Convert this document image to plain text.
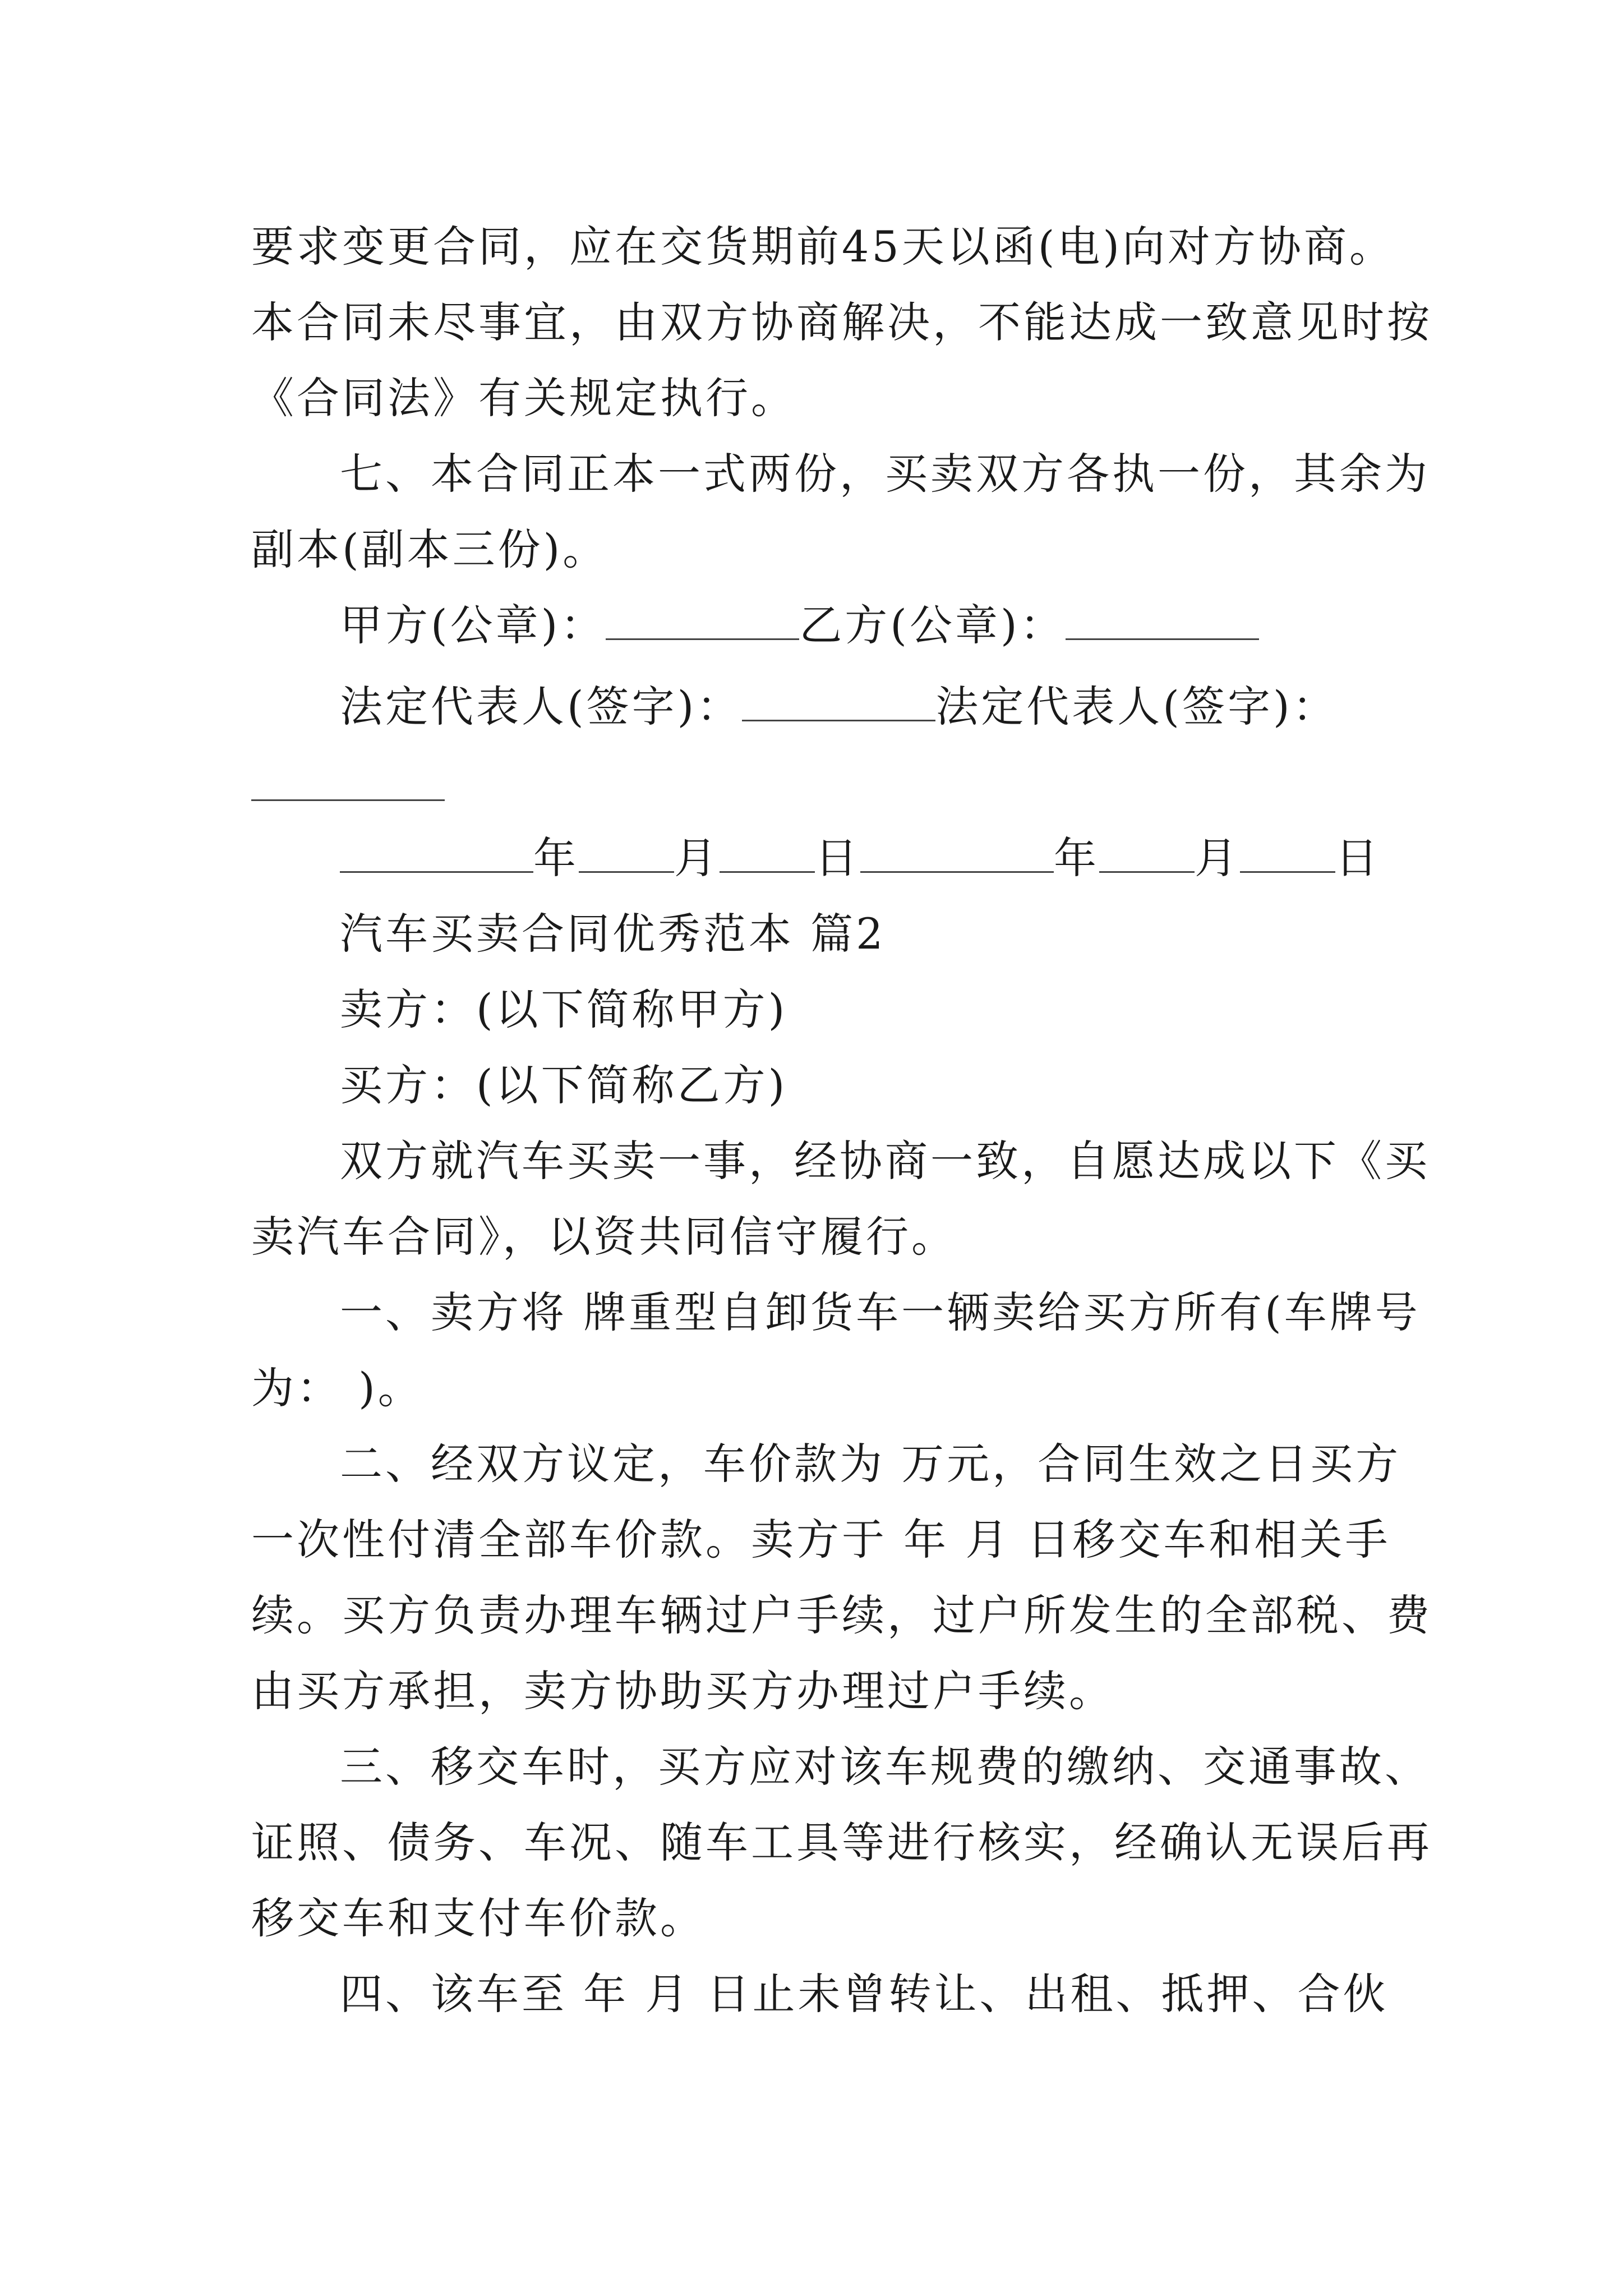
要求变更合同，应在交货期前45天以函(电)向对方协商。
本合同未尽事宜，由双方协商解决，不能达成一致意见时按
《合同法》有关规定执行。
七、本合同正本一式两份，买卖双方各执一份，其余为
副本(副本三份)。
甲方(公章)：	乙方(公章)：
法定代表人(签字)：	法定代表人(签字)：
年 月 日	年 月 日
汽车买卖合同优秀范本 篇2
卖方：(以下简称甲方)
买方：(以下简称乙方)
双方就汽车买卖一事，经协商一致，自愿达成以下《买
卖汽车合同》，以资共同信守履行。
一、卖方将 牌重型自卸货车一辆卖给买方所有(车牌号
为： )。
二、经双方议定，车价款为 万元，合同生效之日买方
一次性付清全部车价款。卖方于 年 月 日移交车和相关手
续。买方负责办理车辆过户手续，过户所发生的全部税、费
由买方承担，卖方协助买方办理过户手续。
三、移交车时，买方应对该车规费的缴纳、交通事故、
证照、债务、车况、随车工具等进行核实，经确认无误后再
移交车和支付车价款。
四、该车至 年 月 日止未曾转让、出租、抵押、合伙
